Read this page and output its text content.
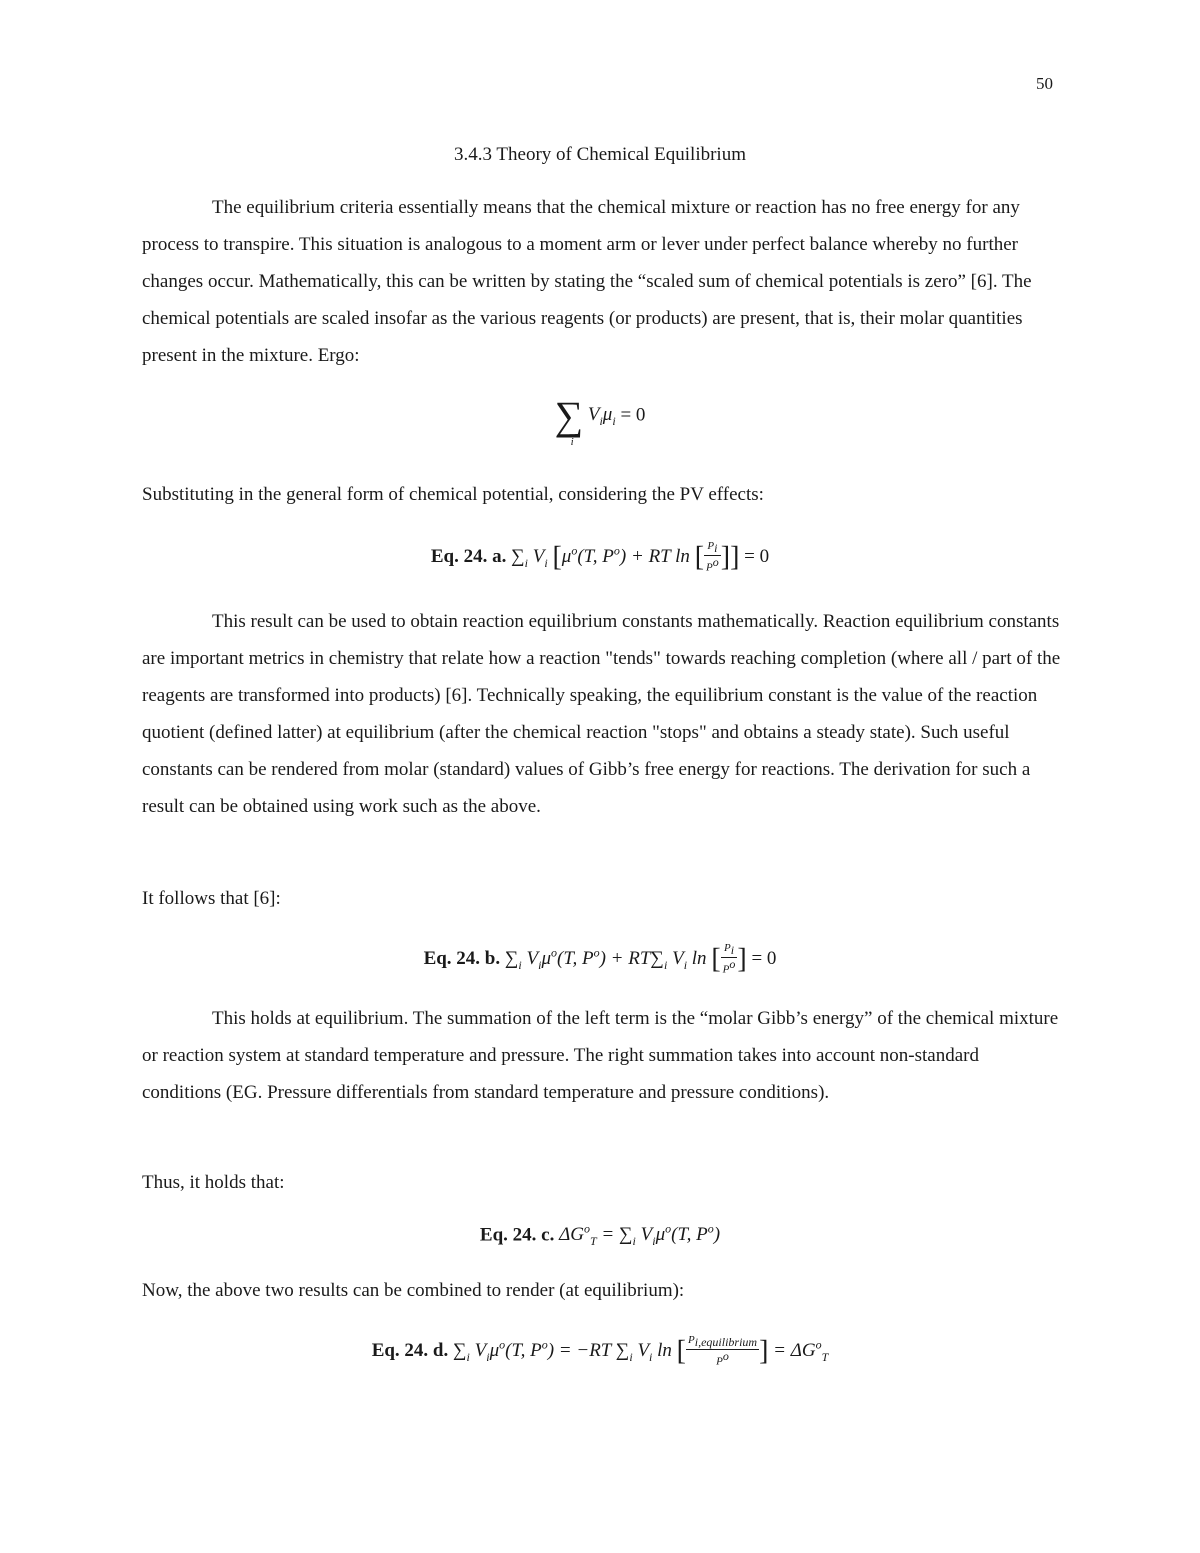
50
3.4.3 Theory of Chemical Equilibrium

The equilibrium criteria essentially means that the chemical mixture or reaction has no free energy for any process to transpire. This situation is analogous to a moment arm or lever under perfect balance whereby no further changes occur. Mathematically, this can be written by stating the “scaled sum of chemical potentials is zero” [6]. The chemical potentials are scaled insofar as the various reagents (or products) are present, that is, their molar quantities present in the mixture. Ergo:

∑
i
$V_i\mu_i = 0$

Substituting in the general form of chemical potential, considering the PV effects:

Eq. 24. a. $\sum_i$ $V_i$ [$\mu^o(T$, $P^o$) + RT ln [ $\frac{P_i}{P^o}$ ]] = 0

This result can be used to obtain reaction equilibrium constants mathematically. Reaction equilibrium constants are important metrics in chemistry that relate how a reaction "tends" towards reaching completion (where all / part of the reagents are transformed into products) [6]. Technically speaking, the equilibrium constant is the value of the reaction quotient (defined latter) at equilibrium (after the chemical reaction "stops" and obtains a steady state). Such useful constants can be rendered from molar (standard) values of Gibb’s free energy for reactions. The derivation for such a result can be obtained using work such as the above.

It follows that [6]:

Eq. 24. b. $\sum_i$ $V_i\mu^o(T$, $P^o) + RT\sum_i$ $V_i$ ln [ $\frac{P_i}{P^o}$ ] = 0

This holds at equilibrium. The summation of the left term is the “molar Gibb’s energy” of the chemical mixture or reaction system at standard temperature and pressure. The right summation takes into account non-standard conditions (EG. Pressure differentials from standard temperature and pressure conditions).

Thus, it holds that:

Eq. 24. c. $\Delta G^o_T = \sum_i$ $V_i\mu^o(T$, $P^o$)

Now, the above two results can be combined to render (at equilibrium):

Eq. 24. d. $\sum_i$ $V_i\mu^o(T$, $P^o) = -RT$ $\sum_i$ $V_i$ ln [ $\frac{P_{i,equilibrium}}{P^o}$ ] = $\Delta G^o_T$
